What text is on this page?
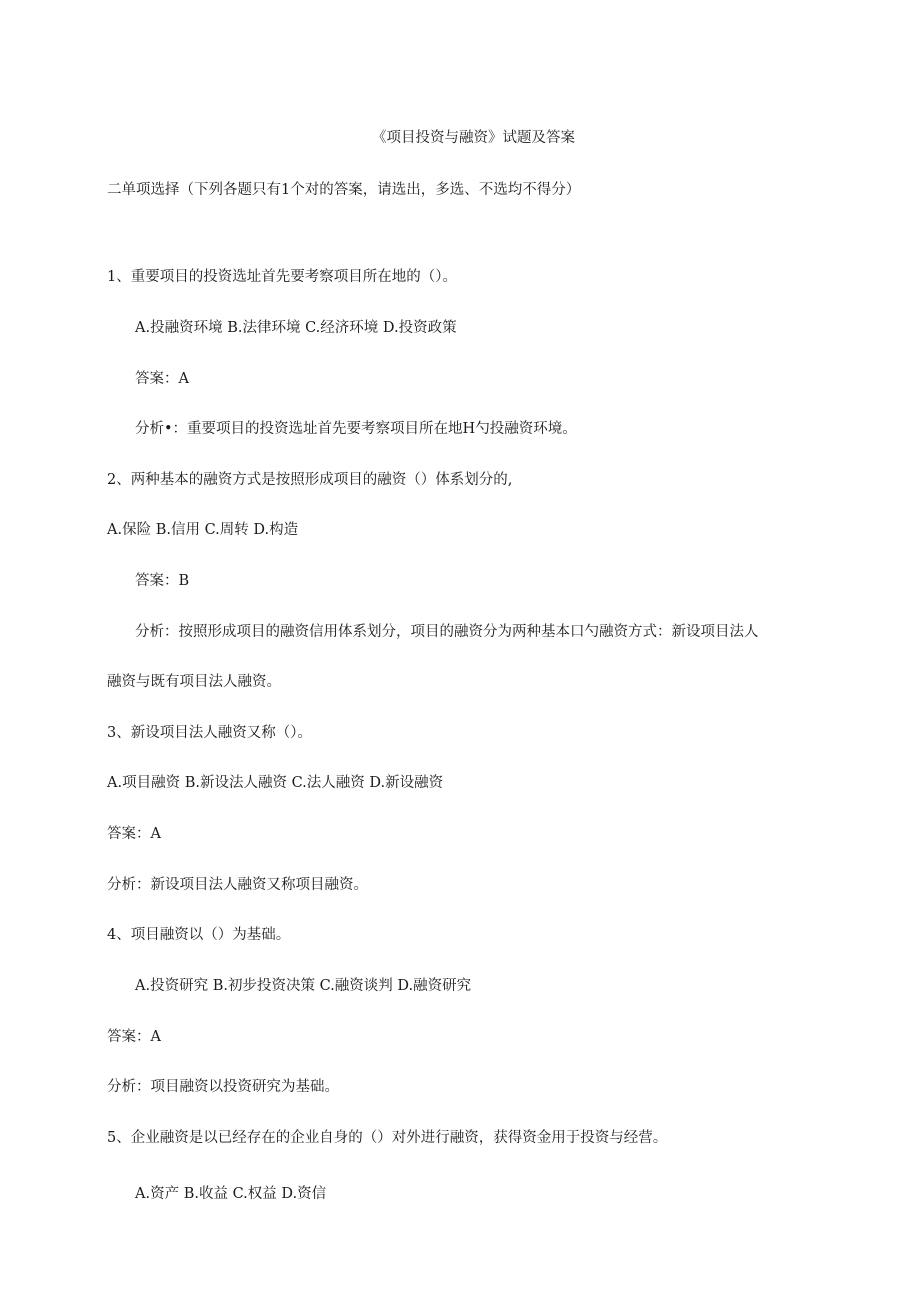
《项目投资与融资》试题及答案
二单项选择（下列各题只有1个对的答案，请选出，多选、不选均不得分）
1、重要项目的投资选址首先要考察项目所在地的（）。
A.投融资环境 B.法律环境 C.经济环境 D.投资政策
答案：A
分析•：重要项目的投资选址首先要考察项目所在地H勺投融资环境。
2、两种基本的融资方式是按照形成项目的融资（）体系划分的,
A.保险 B.信用 C.周转 D.构造
答案：B
分析：按照形成项目的融资信用体系划分，项目的融资分为两种基本口勺融资方式：新设项目法人
融资与既有项目法人融资。
3、新设项目法人融资又称（）。
A.项目融资 B.新设法人融资 C.法人融资 D.新设融资
答案：A
分析：新设项目法人融资又称项目融资。
4、项目融资以（）为基础。
A.投资研究 B.初步投资决策 C.融资谈判 D.融资研究
答案：A
分析：项目融资以投资研究为基础。
5、企业融资是以已经存在的企业自身的（）对外进行融资，获得资金用于投资与经营。
A.资产 B.收益 C.权益 D.资信
